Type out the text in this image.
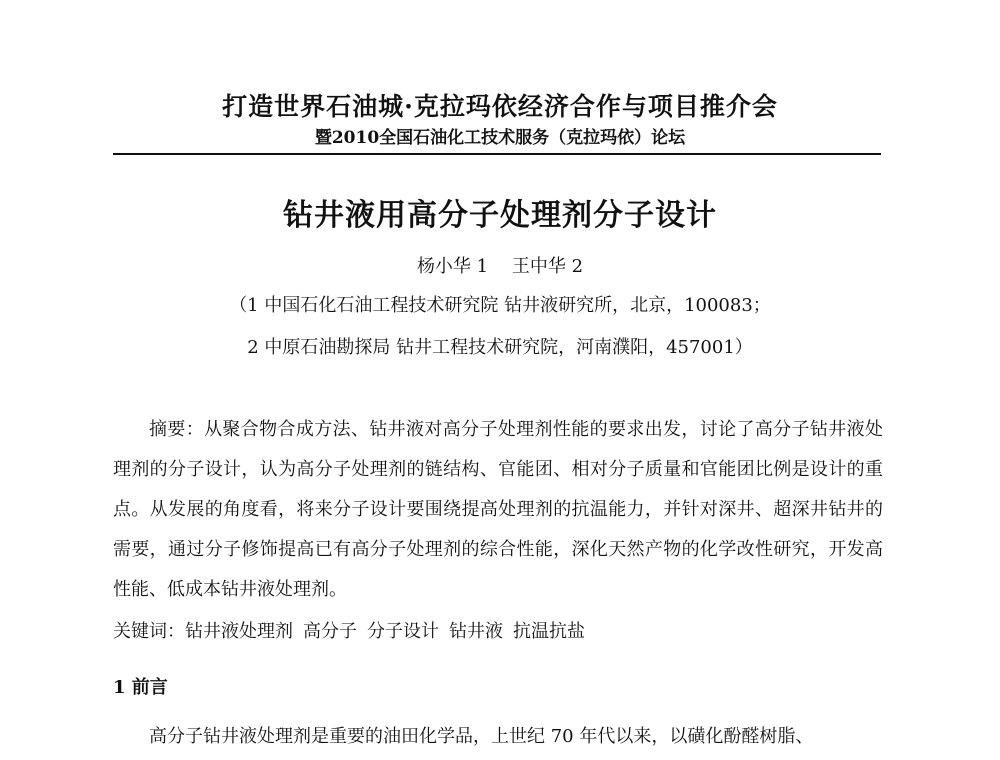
打造世界石油城·克拉玛依经济合作与项目推介会
暨2010全国石油化工技术服务（克拉玛依）论坛
钻井液用高分子处理剂分子设计
杨小华 1 王中华 2
（1 中国石化石油工程技术研究院 钻井液研究所，北京，100083；
2 中原石油勘探局 钻井工程技术研究院，河南濮阳，457001）

摘要：从聚合物合成方法、钻井液对高分子处理剂性能的要求出发，讨论了高分子钻井液处理剂的分子设计，认为高分子处理剂的链结构、官能团、相对分子质量和官能团比例是设计的重点。从发展的角度看，将来分子设计要围绕提高处理剂的抗温能力，并针对深井、超深井钻井的需要，通过分子修饰提高已有高分子处理剂的综合性能，深化天然产物的化学改性研究，开发高性能、低成本钻井液处理剂。

关键词：钻井液处理剂 高分子 分子设计 钻井液 抗温抗盐
1 前言
高分子钻井液处理剂是重要的油田化学品，上世纪 70 年代以来，以磺化酚醛树脂、
